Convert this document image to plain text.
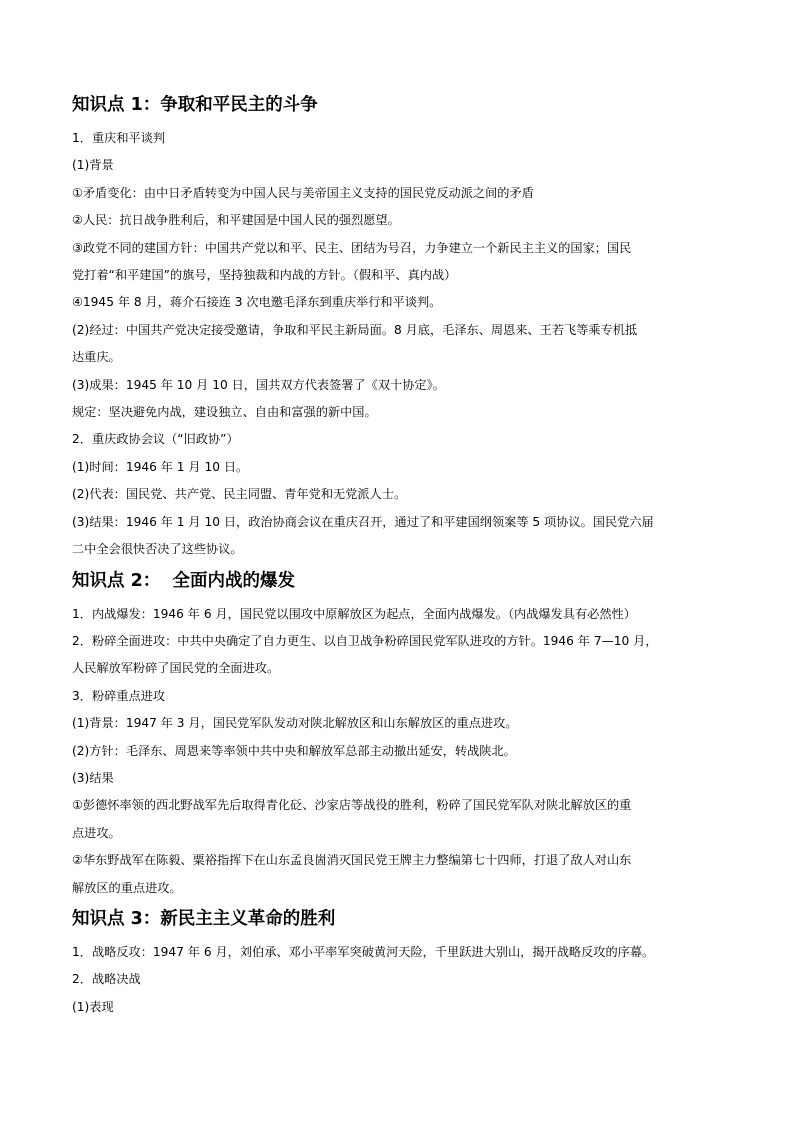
知识点 1：争取和平民主的斗争

1．重庆和平谈判

(1)背景

①矛盾变化：由中日矛盾转变为中国人民与美帝国主义支持的国民党反动派之间的矛盾

②人民：抗日战争胜利后，和平建国是中国人民的强烈愿望。

③政党不同的建国方针：中国共产党以和平、民主、团结为号召，力争建立一个新民主主义的国家；国民

党打着“和平建国”的旗号，坚持独裁和内战的方针。（假和平、真内战）

④1945 年 8 月，蒋介石接连 3 次电邀毛泽东到重庆举行和平谈判。

(2)经过：中国共产党决定接受邀请，争取和平民主新局面。8 月底，毛泽东、周恩来、王若飞等乘专机抵

达重庆。

(3)成果：1945 年 10 月 10 日，国共双方代表签署了《双十协定》。

规定：坚决避免内战，建设独立、自由和富强的新中国。

2．重庆政协会议（“旧政协”）

(1)时间：1946 年 1 月 10 日。

(2)代表：国民党、共产党、民主同盟、青年党和无党派人士。

(3)结果：1946 年 1 月 10 日，政治协商会议在重庆召开，通过了和平建国纲领案等 5 项协议。国民党六届

二中全会很快否决了这些协议。

知识点 2：  全面内战的爆发

1．内战爆发：1946 年 6 月，国民党以围攻中原解放区为起点，全面内战爆发。（内战爆发具有必然性）

2．粉碎全面进攻：中共中央确定了自力更生、以自卫战争粉碎国民党军队进攻的方针。1946 年 7—10 月，

人民解放军粉碎了国民党的全面进攻。

3．粉碎重点进攻

(1)背景：1947 年 3 月，国民党军队发动对陕北解放区和山东解放区的重点进攻。

(2)方针：毛泽东、周恩来等率领中共中央和解放军总部主动撤出延安，转战陕北。

(3)结果

①彭德怀率领的西北野战军先后取得青化砭、沙家店等战役的胜利，粉碎了国民党军队对陕北解放区的重

点进攻。

②华东野战军在陈毅、粟裕指挥下在山东孟良崮消灭国民党王牌主力整编第七十四师，打退了敌人对山东

解放区的重点进攻。

知识点 3：新民主主义革命的胜利

1．战略反攻：1947 年 6 月，刘伯承、邓小平率军突破黄河天险，千里跃进大别山，揭开战略反攻的序幕。

2．战略决战

(1)表现
